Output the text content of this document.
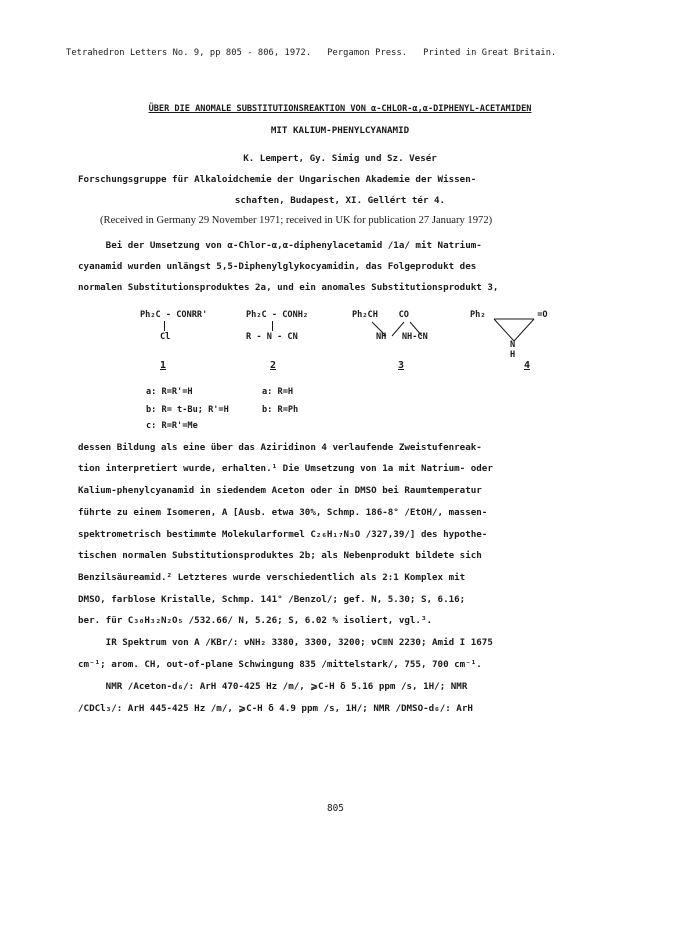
Tetrahedron Letters No. 9, pp 805 - 806, 1972.   Pergamon Press.   Printed in Great Britain.
ÜBER DIE ANOMALE SUBSTITUTIONSREAKTION VON α-CHLOR-α,α-DIPHENYL-ACETAMIDEN
MIT KALIUM-PHENYLCYANAMID
K. Lempert, Gy. Simig und Sz. Vesér
Forschungsgruppe für Alkaloidchemie der Ungarischen Akademie der Wissen-
schaften, Budapest, XI. Gellért tér 4.
(Received in Germany 29 November 1971; received in UK for publication 27 January 1972)
Bei der Umsetzung von α-Chlor-α,α-diphenylacetamid /1a/ mit Natrium-
cyanamid wurden unlängst 5,5-Diphenylglykocyamidin, das Folgeprodukt des
normalen Substitutionsproduktes 2a, und ein anomales Substitutionsprodukt 3,
Ph₂C - CONRR'
Cl
Ph₂C - CONH₂
R - N - CN
Ph₂CH    CO
NH   NH-CN
Ph₂          =O
N
H
1	2	3	4
a: R=R'=H
b: R= t-Bu; R'=H
c: R=R'=Me
a: R=H
b: R=Ph
dessen Bildung als eine über das Aziridinon 4 verlaufende Zweistufenreak-
tion interpretiert wurde, erhalten.¹ Die Umsetzung von 1a mit Natrium- oder
Kalium-phenylcyanamid in siedendem Aceton oder in DMSO bei Raumtemperatur
führte zu einem Isomeren, A [Ausb. etwa 30%, Schmp. 186-8° /EtOH/, massen-
spektrometrisch bestimmte Molekularformel C₂₆H₁₇N₃O /327,39/] des hypothe-
tischen normalen Substitutionsproduktes 2b; als Nebenprodukt bildete sich
Benzilsäureamid.² Letzteres wurde verschiedentlich als 2:1 Komplex mit
DMSO, farblose Kristalle, Schmp. 141° /Benzol/; gef. N, 5.30; S, 6.16;
ber. für C₃₀H₃₂N₂O₅ /532.66/ N, 5.26; S, 6.02 % isoliert, vgl.³.
IR Spektrum von A /KBr/: νNH₂ 3380, 3300, 3200; νC≡N 2230; Amid I 1675
cm⁻¹; arom. CH, out-of-plane Schwingung 835 /mittelstark/, 755, 700 cm⁻¹.
NMR /Aceton-d₆/: ArH 470-425 Hz /m/, ⩾C-H δ 5.16 ppm /s, 1H/; NMR
/CDCl₃/: ArH 445-425 Hz /m/, ⩾C-H δ 4.9 ppm /s, 1H/; NMR /DMSO-d₆/: ArH
805
